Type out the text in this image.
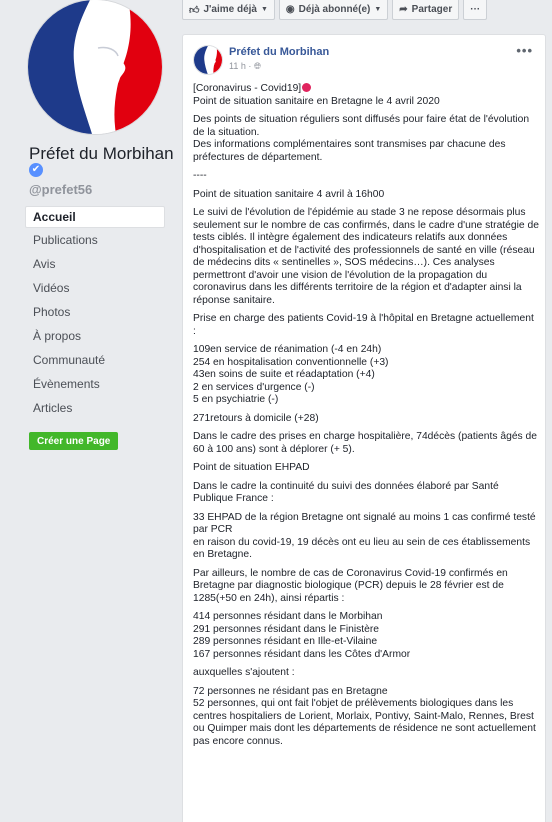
Préfet du Morbihan
✔
@prefet56
Accueil
Publications
Avis
Vidéos
Photos
À propos
Communauté
Évènements
Articles
Créer une Page
👍︎ J'aime déjà ▼ ◉ Déjà abonné(e) ▼ ➦ Partager	···
Préfet du Morbihan
11 h · 🌐︎
•••

[Coronavirus - Covid19]
Point de situation sanitaire en Bretagne le 4 avril 2020

Des points de situation réguliers sont diffusés pour faire état de l'évolution de la situation.
Des informations complémentaires sont transmises par chacune des préfectures de département.

----

Point de situation sanitaire 4 avril à 16h00

Le suivi de l'évolution de l'épidémie au stade 3 ne repose désormais plus seulement sur le nombre de cas confirmés, dans le cadre d'une stratégie de tests ciblés. Il intègre également des indicateurs relatifs aux données d'hospitalisation et de l'activité des professionnels de santé en ville (réseau de médecins dits « sentinelles », SOS médecins…). Ces analyses permettront d'avoir une vision de l'évolution de la propagation du coronavirus dans les différents territoire de la région et d'adapter ainsi la réponse sanitaire.

Prise en charge des patients Covid-19 à l'hôpital en Bretagne actuellement :

109en service de réanimation (-4 en 24h)
254 en hospitalisation conventionnelle (+3)
43en soins de suite et réadaptation (+4)
2 en services d'urgence (-)
5 en psychiatrie (-)

271retours à domicile (+28)

Dans le cadre des prises en charge hospitalière, 74décès (patients âgés de 60 à 100 ans) sont à déplorer (+ 5).

Point de situation EHPAD

Dans le cadre la continuité du suivi des données élaboré par Santé Publique France :

33 EHPAD de la région Bretagne ont signalé au moins 1 cas confirmé testé par PCR
en raison du covid-19, 19 décès ont eu lieu au sein de ces établissements en Bretagne.

Par ailleurs, le nombre de cas de Coronavirus Covid-19 confirmés en Bretagne par diagnostic biologique (PCR) depuis le 28 février est de 1285(+50 en 24h), ainsi répartis :

414 personnes résidant dans le Morbihan
291 personnes résidant dans le Finistère
289 personnes résidant en Ille-et-Vilaine
167 personnes résidant dans les Côtes d'Armor

auxquelles s'ajoutent :

72 personnes ne résidant pas en Bretagne
52 personnes, qui ont fait l'objet de prélèvements biologiques dans les centres hospitaliers de Lorient, Morlaix, Pontivy, Saint-Malo, Rennes, Brest ou Quimper mais dont les départements de résidence ne sont actuellement pas encore connus.
